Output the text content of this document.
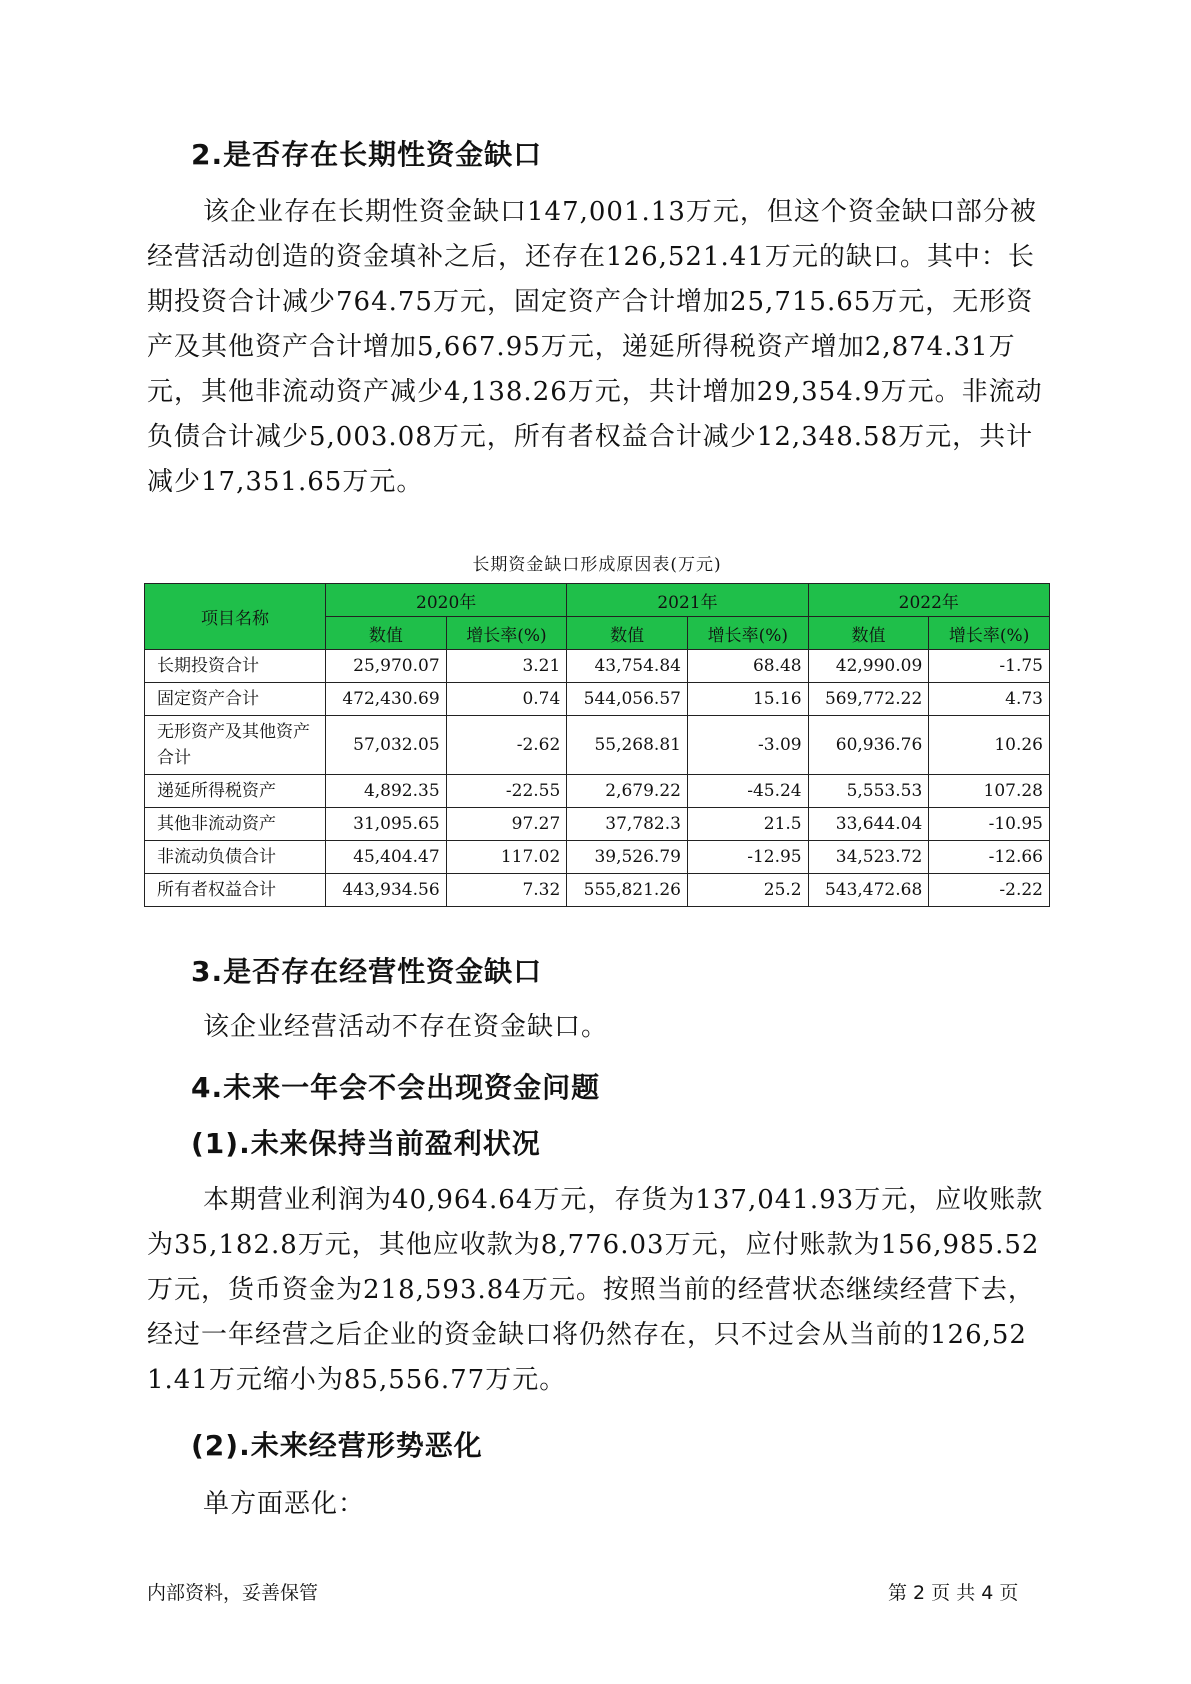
2.是否存在长期性资金缺口

该企业存在长期性资金缺口147,001.13万元，但这个资金缺口部分被经营活动创造的资金填补之后，还存在126,521.41万元的缺口。其中：长期投资合计减少764.75万元，固定资产合计增加25,715.65万元，无形资产及其他资产合计增加5,667.95万元，递延所得税资产增加2,874.31万元，其他非流动资产减少4,138.26万元，共计增加29,354.9万元。非流动负债合计减少5,003.08万元，所有者权益合计减少12,348.58万元，共计减少17,351.65万元。

长期资金缺口形成原因表(万元)
项目名称	2020年		2021年		2022年	
	数值	增长率(%)	数值	增长率(%)	数值	增长率(%)
长期投资合计	25,970.07	3.21	43,754.84	68.48	42,990.09	-1.75
固定资产合计	472,430.69	0.74	544,056.57	15.16	569,772.22	4.73
无形资产及其他资产合计	57,032.05	-2.62	55,268.81	-3.09	60,936.76	10.26
递延所得税资产	4,892.35	-22.55	2,679.22	-45.24	5,553.53	107.28
其他非流动资产	31,095.65	97.27	37,782.3	21.5	33,644.04	-10.95
非流动负债合计	45,404.47	117.02	39,526.79	-12.95	34,523.72	-12.66
所有者权益合计	443,934.56	7.32	555,821.26	25.2	543,472.68	-2.22
3.是否存在经营性资金缺口

该企业经营活动不存在资金缺口。

4.未来一年会不会出现资金问题
(1).未来保持当前盈利状况

本期营业利润为40,964.64万元，存货为137,041.93万元，应收账款为35,182.8万元，其他应收款为8,776.03万元，应付账款为156,985.52万元，货币资金为218,593.84万元。按照当前的经营状态继续经营下去，经过一年经营之后企业的资金缺口将仍然存在，只不过会从当前的126,521.41万元缩小为85,556.77万元。

(2).未来经营形势恶化

单方面恶化：

内部资料，妥善保管	第 2 页 共 4 页
